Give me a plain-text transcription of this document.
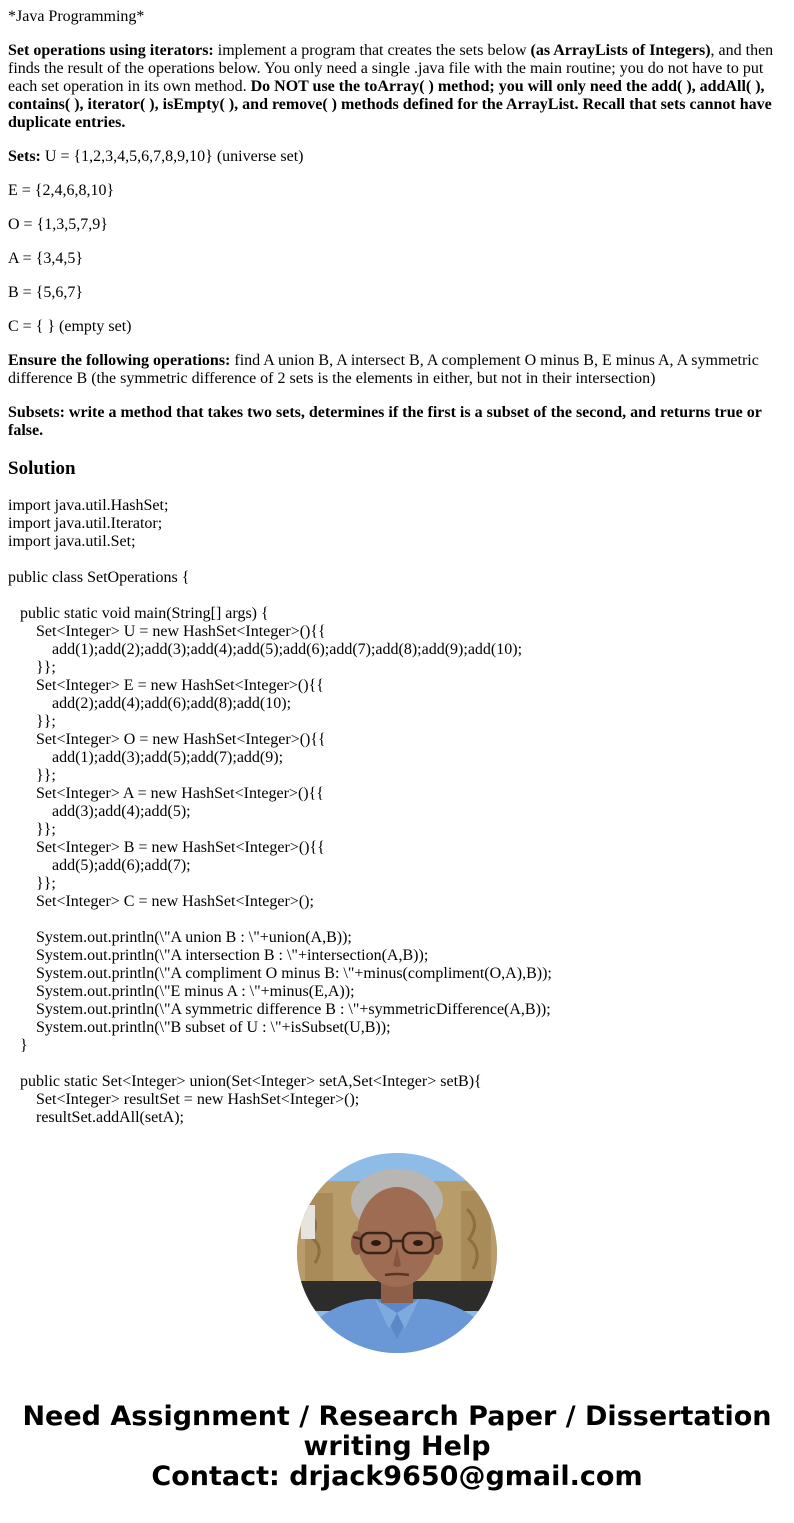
*Java Programming*

Set operations using iterators: implement a program that creates the sets below (as ArrayLists of Integers), and then finds the result of the operations below. You only need a single .java file with the main routine; you do not have to put each set operation in its own method. Do NOT use the toArray( ) method; you will only need the add( ), addAll( ), contains( ), iterator( ), isEmpty( ), and remove( ) methods defined for the ArrayList. Recall that sets cannot have duplicate entries.

Sets: U = {1,2,3,4,5,6,7,8,9,10} (universe set)

E = {2,4,6,8,10}

O = {1,3,5,7,9}

A = {3,4,5}

B = {5,6,7}

C = { } (empty set)

Ensure the following operations: find A union B, A intersect B, A complement O minus B, E minus A, A symmetric difference B (the symmetric difference of 2 sets is the elements in either, but not in their intersection)

Subsets: write a method that takes two sets, determines if the first is a subset of the second, and returns true or false.

Solution
import java.util.HashSet;
import java.util.Iterator;
import java.util.Set;
public class SetOperations {
public static void main(String[] args) {
Set<Integer> U = new HashSet<Integer>(){{
add(1);add(2);add(3);add(4);add(5);add(6);add(7);add(8);add(9);add(10);
}};
Set<Integer> E = new HashSet<Integer>(){{
add(2);add(4);add(6);add(8);add(10);
}};
Set<Integer> O = new HashSet<Integer>(){{
add(1);add(3);add(5);add(7);add(9);
}};
Set<Integer> A = new HashSet<Integer>(){{
add(3);add(4);add(5);
}};
Set<Integer> B = new HashSet<Integer>(){{
add(5);add(6);add(7);
}};
Set<Integer> C = new HashSet<Integer>();
System.out.println(\"A union B : \"+union(A,B));
System.out.println(\"A intersection B : \"+intersection(A,B));
System.out.println(\"A compliment O minus B: \"+minus(compliment(O,A),B));
System.out.println(\"E minus A : \"+minus(E,A));
System.out.println(\"A symmetric difference B : \"+symmetricDifference(A,B));
System.out.println(\"B subset of U : \"+isSubset(U,B));
}
public static Set<Integer> union(Set<Integer> setA,Set<Integer> setB){
Set<Integer> resultSet = new HashSet<Integer>();
resultSet.addAll(setA);
Need Assignment / Research Paper / Dissertation
writing Help
Contact: drjack9650@gmail.com
